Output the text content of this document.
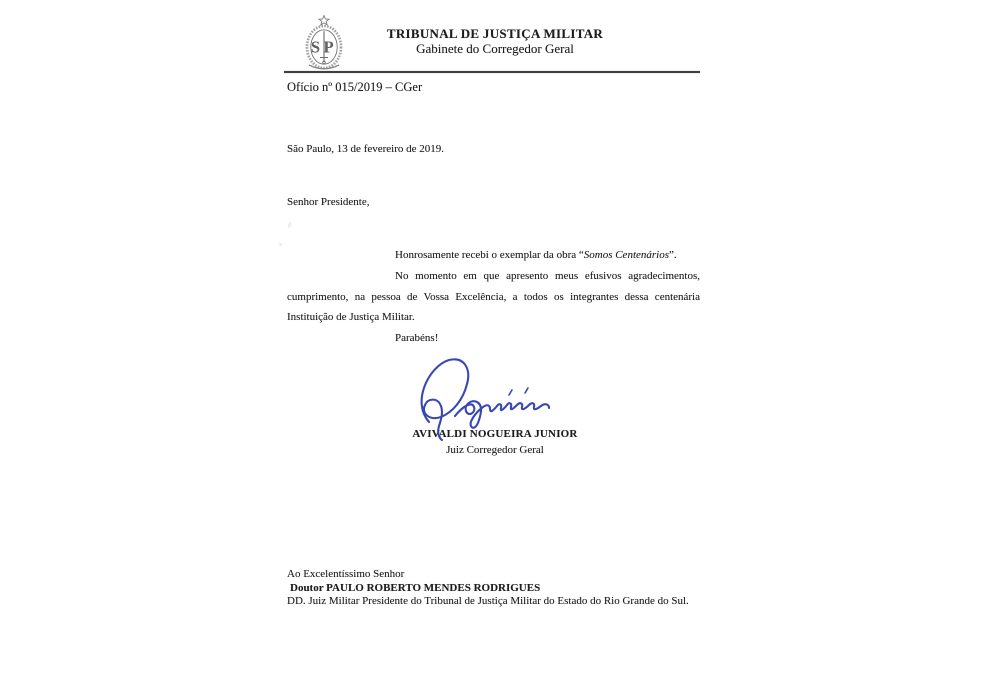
SP
TRIBUNAL DE JUSTIÇA MILITAR
Gabinete do Corregedor Geral
Ofício nº 015/2019 – CGer
São Paulo, 13 de fevereiro de 2019.
Senhor Presidente,
Honrosamente recebi o exemplar da obra “Somos Centenários”.
No momento em que apresento meus efusivos agradecimentos,
cumprimento, na pessoa de Vossa Excelência, a todos os integrantes dessa centenária
Instituição de Justiça Militar.
Parabéns!
AVIVALDI NOGUEIRA JUNIOR
Juiz Corregedor Geral
Ao Excelentíssimo Senhor
Doutor PAULO ROBERTO MENDES RODRIGUES
DD. Juiz Militar Presidente do Tribunal de Justiça Militar do Estado do Rio Grande do Sul.
